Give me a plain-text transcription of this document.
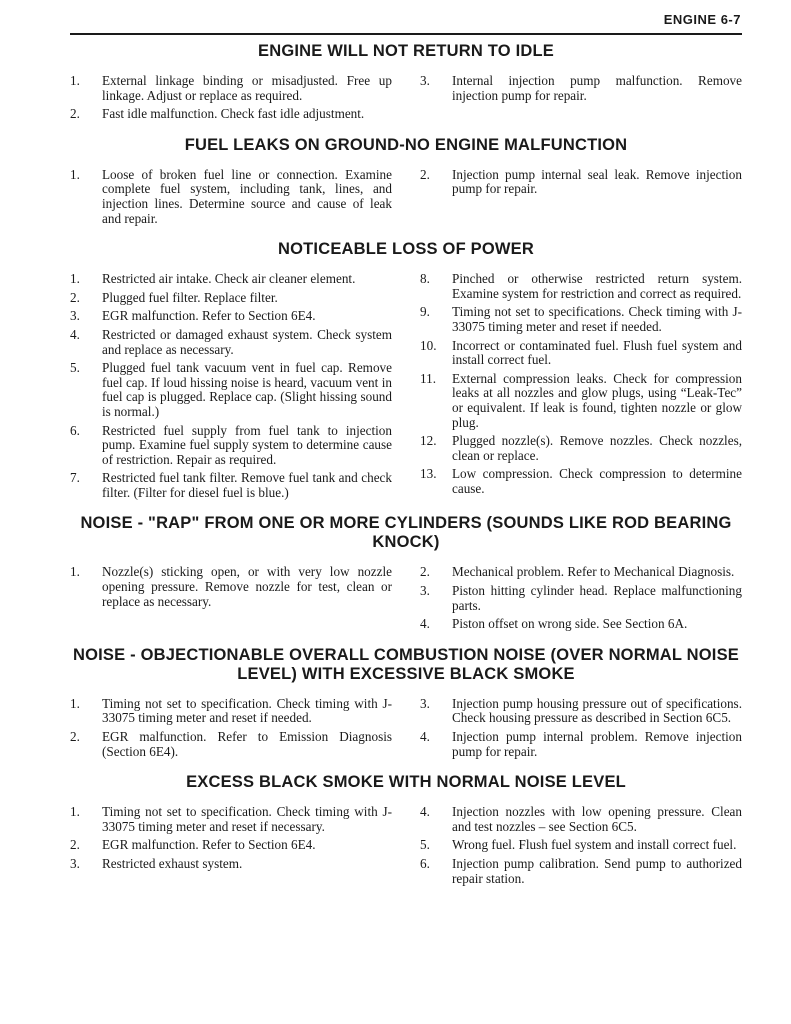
ENGINE 6-7
ENGINE WILL NOT RETURN TO IDLE
1.	External linkage binding or misadjusted. Free up linkage. Adjust or replace as required.
2.	Fast idle malfunction. Check fast idle adjustment.
3.	Internal injection pump malfunction. Remove injection pump for repair.
FUEL LEAKS ON GROUND-NO ENGINE MALFUNCTION
1.	Loose of broken fuel line or connection. Examine complete fuel system, including tank, lines, and injection lines. Determine source and cause of leak and repair.
2.	Injection pump internal seal leak. Remove injection pump for repair.
NOTICEABLE LOSS OF POWER
1.	Restricted air intake. Check air cleaner element.
2.	Plugged fuel filter. Replace filter.
3.	EGR malfunction. Refer to Section 6E4.
4.	Restricted or damaged exhaust system. Check system and replace as necessary.
5.	Plugged fuel tank vacuum vent in fuel cap. Remove fuel cap. If loud hissing noise is heard, vacuum vent in fuel cap is plugged. Replace cap. (Slight hissing sound is normal.)
6.	Restricted fuel supply from fuel tank to injection pump. Examine fuel supply system to determine cause of restriction. Repair as required.
7.	Restricted fuel tank filter. Remove fuel tank and check filter. (Filter for diesel fuel is blue.)
8.	Pinched or otherwise restricted return system. Examine system for restriction and correct as required.
9.	Timing not set to specifications. Check timing with J-33075 timing meter and reset if needed.
10.	Incorrect or contaminated fuel. Flush fuel system and install correct fuel.
11.	External compression leaks. Check for compression leaks at all nozzles and glow plugs, using “Leak-Tec” or equivalent. If leak is found, tighten nozzle or glow plug.
12.	Plugged nozzle(s). Remove nozzles. Check nozzles, clean or replace.
13.	Low compression. Check compression to determine cause.
NOISE - "RAP" FROM ONE OR MORE CYLINDERS (SOUNDS LIKE ROD BEARING KNOCK)
1.	Nozzle(s) sticking open, or with very low nozzle opening pressure. Remove nozzle for test, clean or replace as necessary.
2.	Mechanical problem. Refer to Mechanical Diagnosis.
3.	Piston hitting cylinder head. Replace malfunctioning parts.
4.	Piston offset on wrong side. See Section 6A.
NOISE - OBJECTIONABLE OVERALL COMBUSTION NOISE (OVER NORMAL NOISE LEVEL) WITH EXCESSIVE BLACK SMOKE
1.	Timing not set to specification. Check timing with J-33075 timing meter and reset if needed.
2.	EGR malfunction. Refer to Emission Diagnosis (Section 6E4).
3.	Injection pump housing pressure out of specifications. Check housing pressure as described in Section 6C5.
4.	Injection pump internal problem. Remove injection pump for repair.
EXCESS BLACK SMOKE WITH NORMAL NOISE LEVEL
1.	Timing not set to specification. Check timing with J-33075 timing meter and reset if necessary.
2.	EGR malfunction. Refer to Section 6E4.
3.	Restricted exhaust system.
4.	Injection nozzles with low opening pressure. Clean and test nozzles – see Section 6C5.
5.	Wrong fuel. Flush fuel system and install correct fuel.
6.	Injection pump calibration. Send pump to authorized repair station.
